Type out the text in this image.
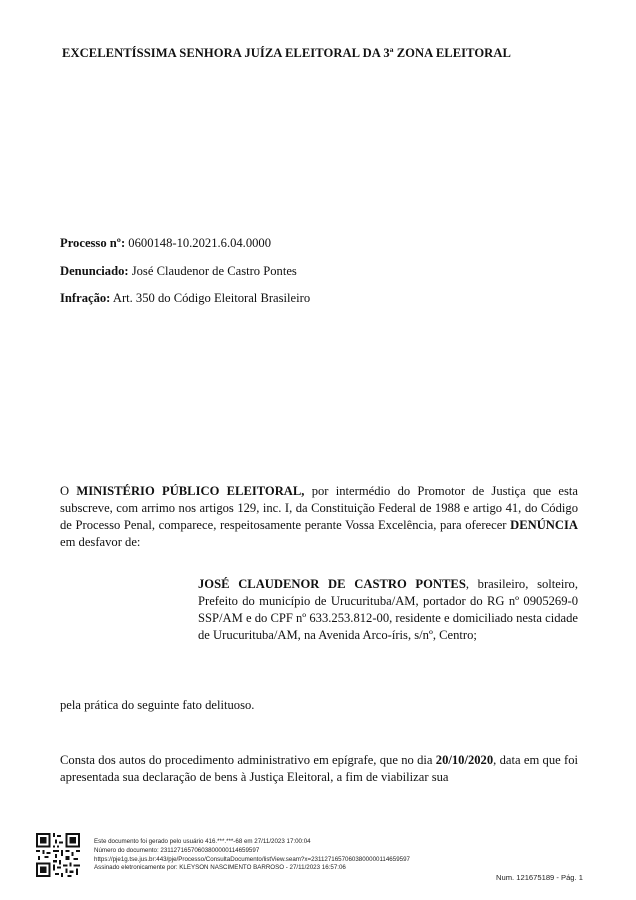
EXCELENTÍSSIMA SENHORA JUÍZA ELEITORAL DA 3ª ZONA ELEITORAL
Processo nº: 0600148-10.2021.6.04.0000
Denunciado: José Claudenor de Castro Pontes
Infração: Art. 350 do Código Eleitoral Brasileiro
O MINISTÉRIO PÚBLICO ELEITORAL, por intermédio do Promotor de Justiça que esta subscreve, com arrimo nos artigos 129, inc. I, da Constituição Federal de 1988 e artigo 41, do Código de Processo Penal, comparece, respeitosamente perante Vossa Excelência, para oferecer DENÚNCIA em desfavor de:
JOSÉ CLAUDENOR DE CASTRO PONTES, brasileiro, solteiro, Prefeito do município de Urucurituba/AM, portador do RG nº 0905269-0 SSP/AM e do CPF nº 633.253.812-00, residente e domiciliado nesta cidade de Urucurituba/AM, na Avenida Arco-íris, s/nº, Centro;
pela prática do seguinte fato delituoso.
Consta dos autos do procedimento administrativo em epígrafe, que no dia 20/10/2020, data em que foi apresentada sua declaração de bens à Justiça Eleitoral, a fim de viabilizar sua
Este documento foi gerado pelo usuário 416.***.***-68 em 27/11/2023 17:00:04
Número do documento: 23112716570603800000114659597
https://pje1g.tse.jus.br:443/pje/Processo/ConsultaDocumento/listView.seam?x=23112716570603800000114659597
Assinado eletronicamente por: KLEYSON NASCIMENTO BARROSO - 27/11/2023 16:57:06
Num. 121675189 - Pág. 1
